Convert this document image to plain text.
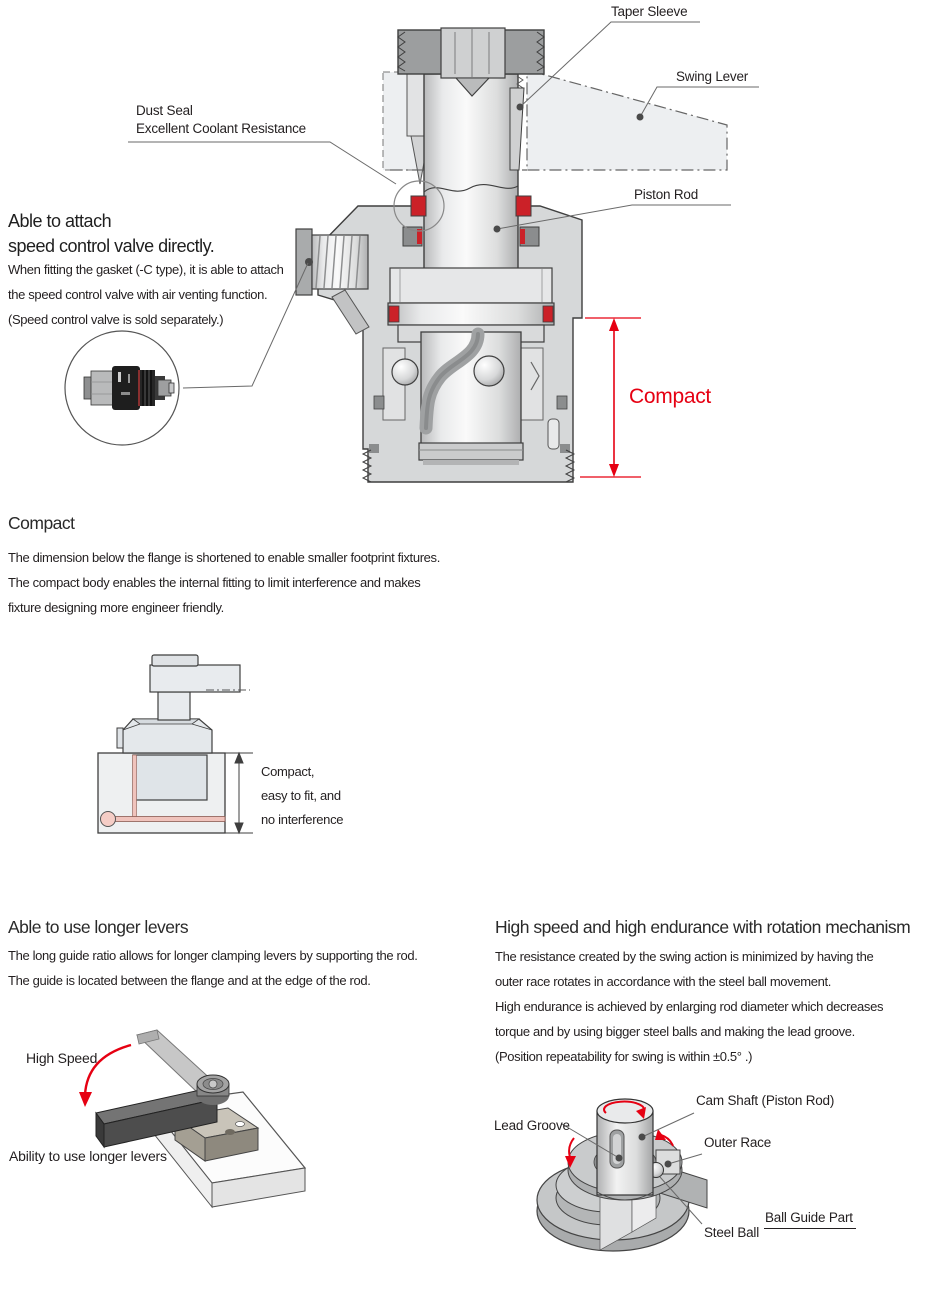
Taper Sleeve
Swing Lever
Piston Rod
Dust Seal
Excellent Coolant Resistance
Compact
Able to attach
speed control valve directly.
When fitting the gasket (-C type), it is able to attach
the speed control valve with air venting function.
(Speed control valve is sold separately.)
Compact
The dimension below the flange is shortened to enable smaller footprint fixtures.
The compact body enables the internal fitting to limit interference and makes
fixture designing more engineer friendly.
Compact,
easy to fit, and
no interference
Able to use longer levers
The long guide ratio allows for longer clamping levers by supporting the rod.
The guide is located between the flange and at the edge of the rod.
High Speed
Ability to use longer levers
High speed and high endurance with rotation mechanism
The resistance created by the swing action is minimized by having the
outer race rotates in accordance with the steel ball movement.
High endurance is achieved by enlarging rod diameter which decreases
torque and by using bigger steel balls and making the lead groove.
(Position repeatability for swing is within ±0.5° .)
Lead Groove
Cam Shaft (Piston Rod)
Outer Race
Steel Ball
Ball Guide Part
